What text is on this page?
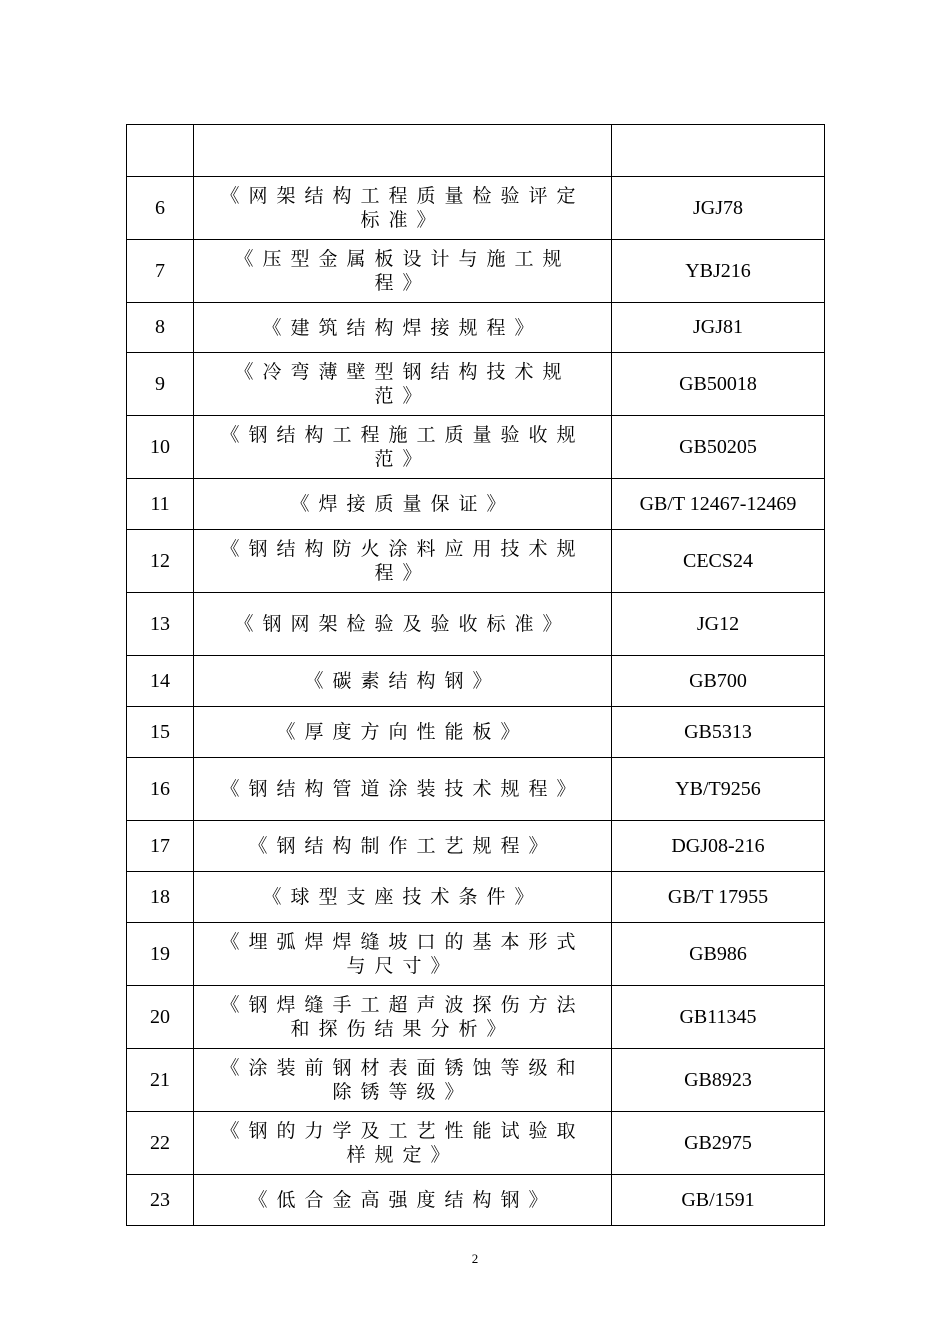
6	《网架结构工程质量检验评定标准》	JGJ78
7	《压型金属板设计与施工规程》	YBJ216
8	《建筑结构焊接规程》	JGJ81
9	《冷弯薄壁型钢结构技术规范》	GB50018
10	《钢结构工程施工质量验收规范》	GB50205
11	《焊接质量保证》	GB/T 12467-12469
12	《钢结构防火涂料应用技术规程》	CECS24
13	《钢网架检验及验收标准》	JG12
14	《碳素结构钢》	GB700
15	《厚度方向性能板》	GB5313
16	《钢结构管道涂装技术规程》	YB/T9256
17	《钢结构制作工艺规程》	DGJ08-216
18	《球型支座技术条件》	GB/T 17955
19	《埋弧焊焊缝坡口的基本形式与尺寸》	GB986
20	《钢焊缝手工超声波探伤方法和探伤结果分析》	GB11345
21	《涂装前钢材表面锈蚀等级和除锈等级》	GB8923
22	《钢的力学及工艺性能试验取样规定》	GB2975
23	《低合金高强度结构钢》	GB/1591
2
